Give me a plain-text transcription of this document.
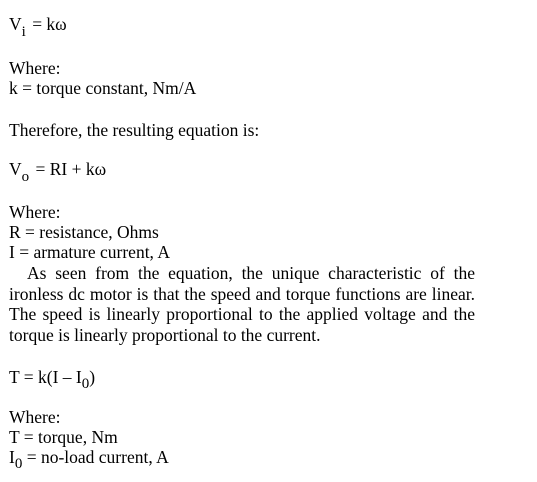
Vi = kω
Where:
k = torque constant, Nm/A
Therefore, the resulting equation is:
Vo = RI + kω
Where:
R = resistance, Ohms
I = armature current, A
As seen from the equation, the unique characteristic of the ironless dc motor is that the speed and torque functions are linear. The speed is linearly proportional to the applied voltage and the torque is linearly proportional to the current.
T = k(I – I0)
Where:
T = torque, Nm
I0 = no-load current, A
